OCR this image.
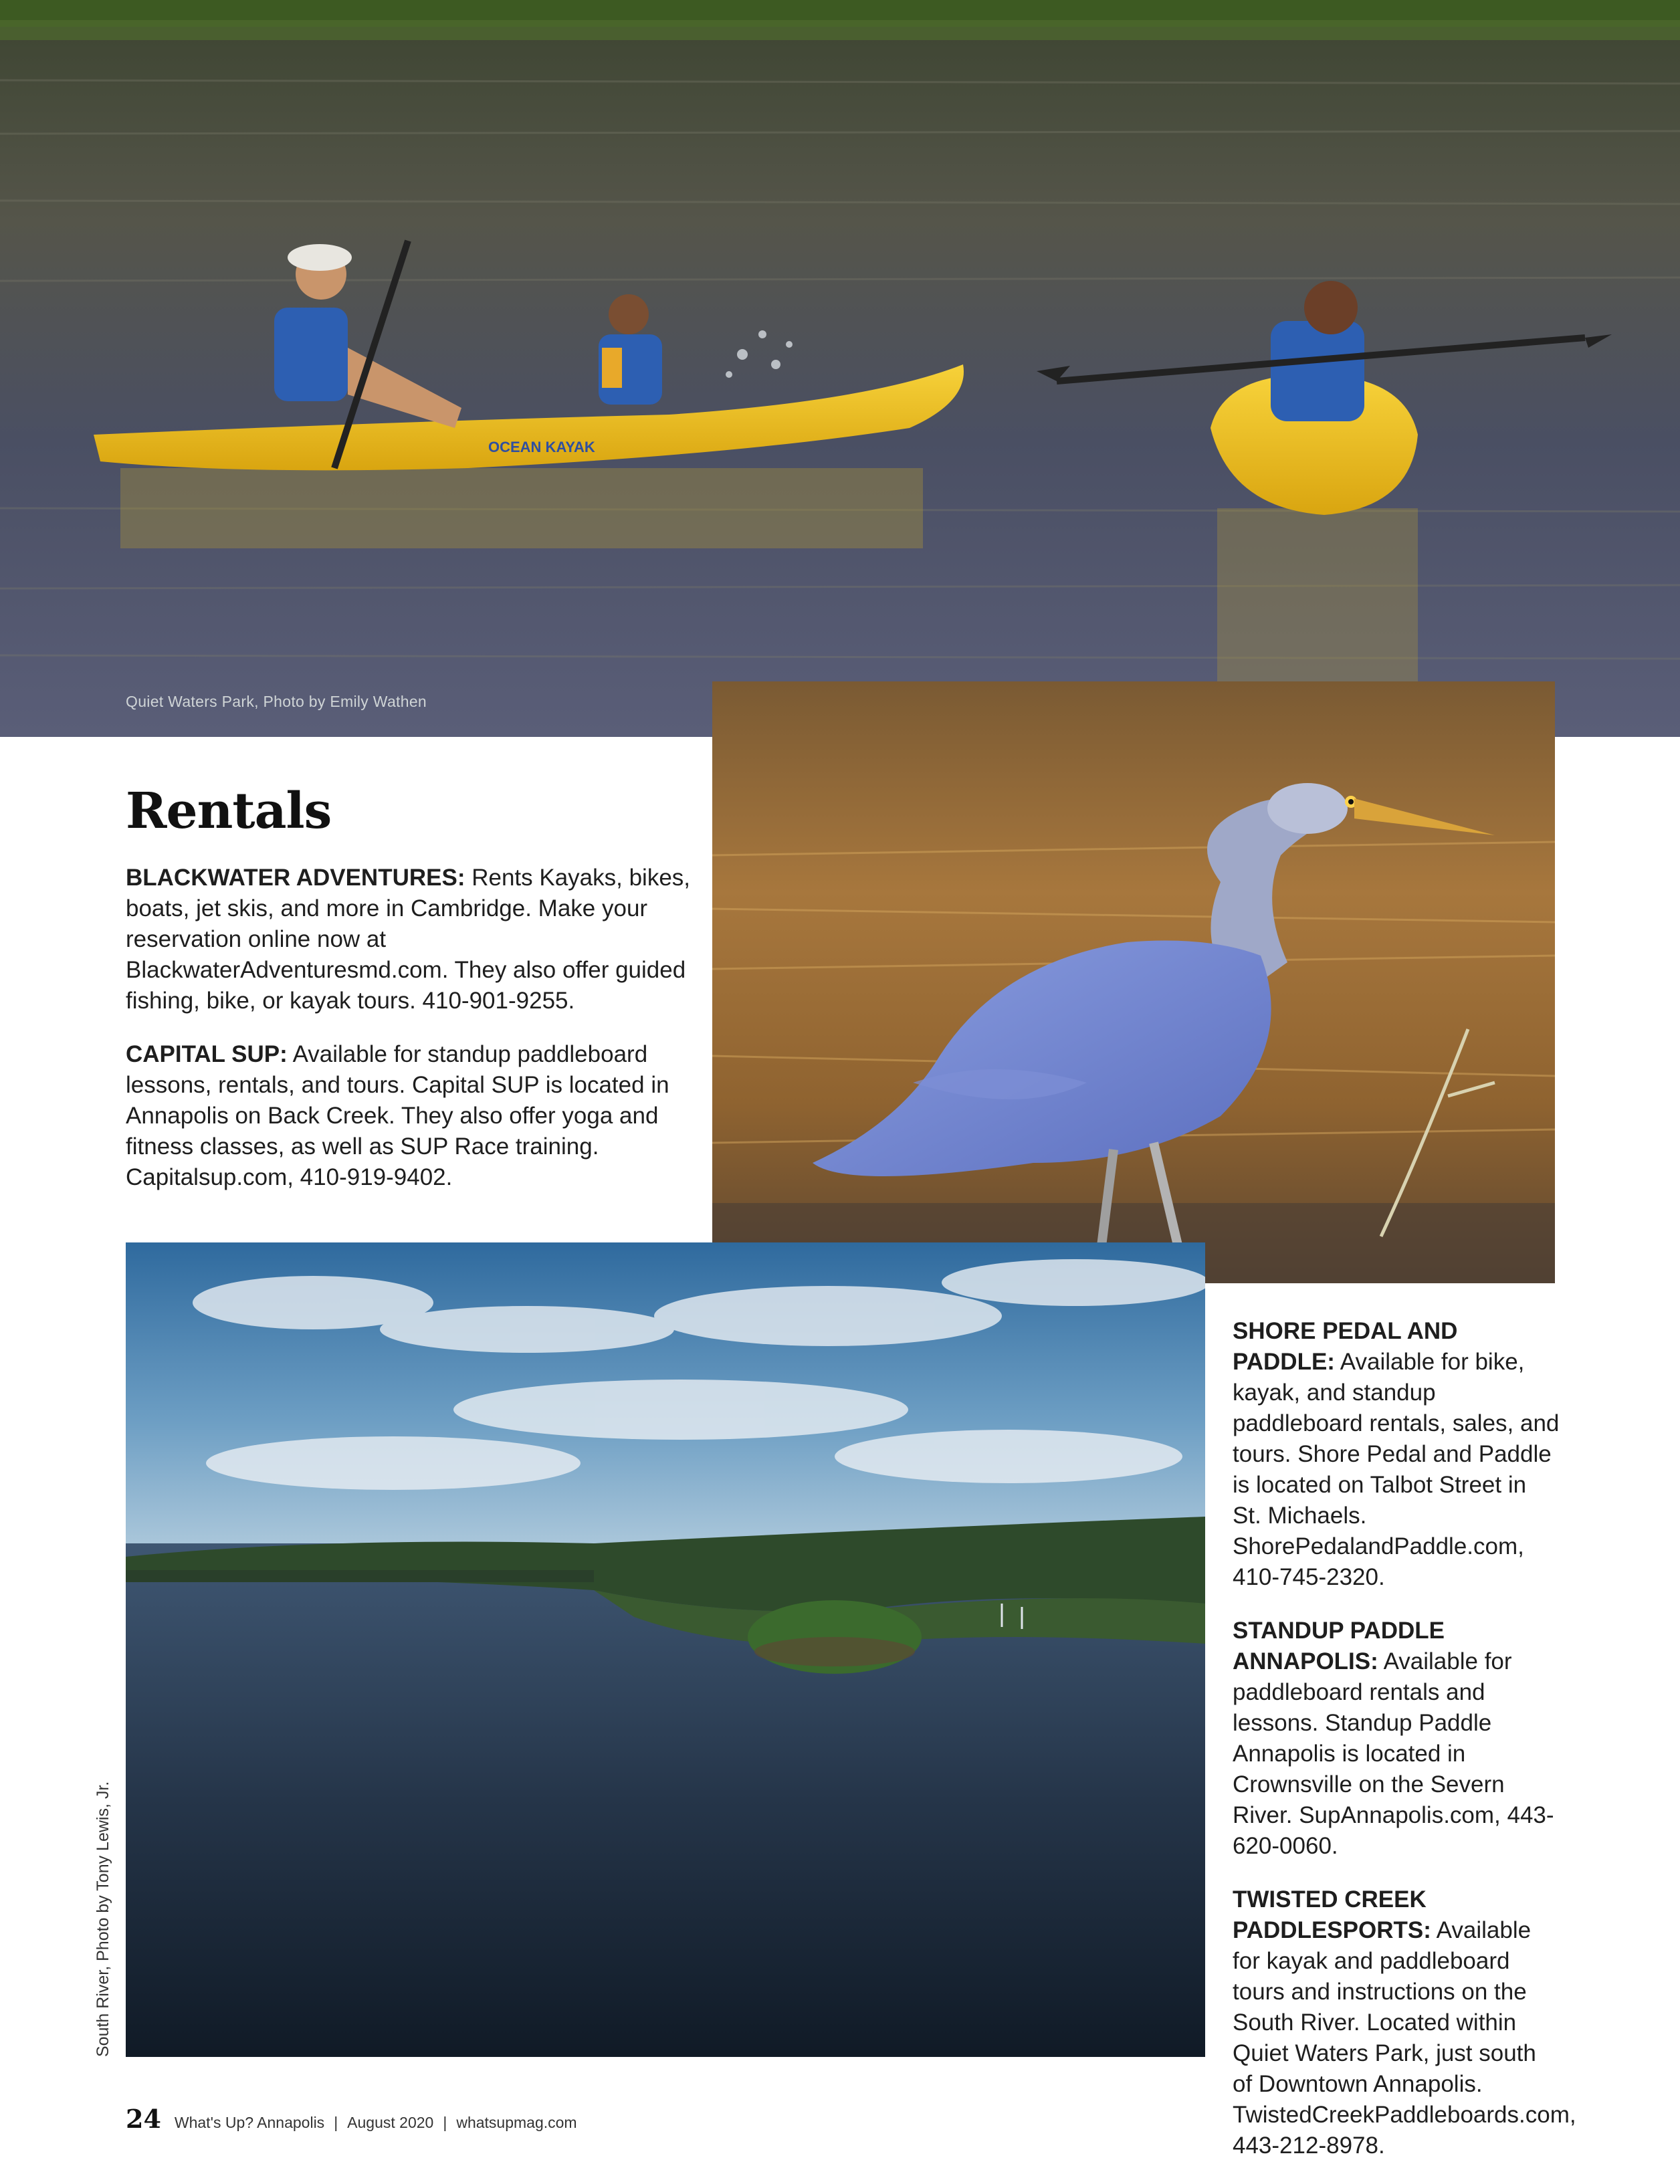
OCEAN KAYAK
Quiet Waters Park, Photo by Emily Wathen
South River, Photo by Tony Lewis, Jr.
Rentals

BLACKWATER ADVENTURES: Rents Kayaks, bikes, boats, jet skis, and more in Cambridge. Make your reservation online now at BlackwaterAdventuresmd.com. They also offer guided fishing, bike, or kayak tours. 410-901-9255.

CAPITAL SUP: Available for standup paddleboard lessons, rentals, and tours. Capital SUP is located in Annapolis on Back Creek. They also offer yoga and fitness classes, as well as SUP Race training. Capitalsup.com, 410-919-9402.

SHORE PEDAL AND PADDLE: Available for bike, kayak, and standup paddleboard rentals, sales, and tours. Shore Pedal and Paddle is located on Talbot Street in St. Michaels. ShorePedalandPaddle.com, 410-745-2320.

STANDUP PADDLE ANNAPOLIS: Available for paddleboard rentals and lessons. Standup Paddle Annapolis is located in Crownsville on the Severn River. SupAnnapolis.com, 443-620-0060.

TWISTED CREEK PADDLESPORTS: Available for kayak and paddleboard tours and instructions on the South River. Located within Quiet Waters Park, just south of Downtown Annapolis. TwistedCreekPaddleboards.com, 443-212-8978.

24 What's Up? Annapolis | August 2020 | whatsupmag.com
